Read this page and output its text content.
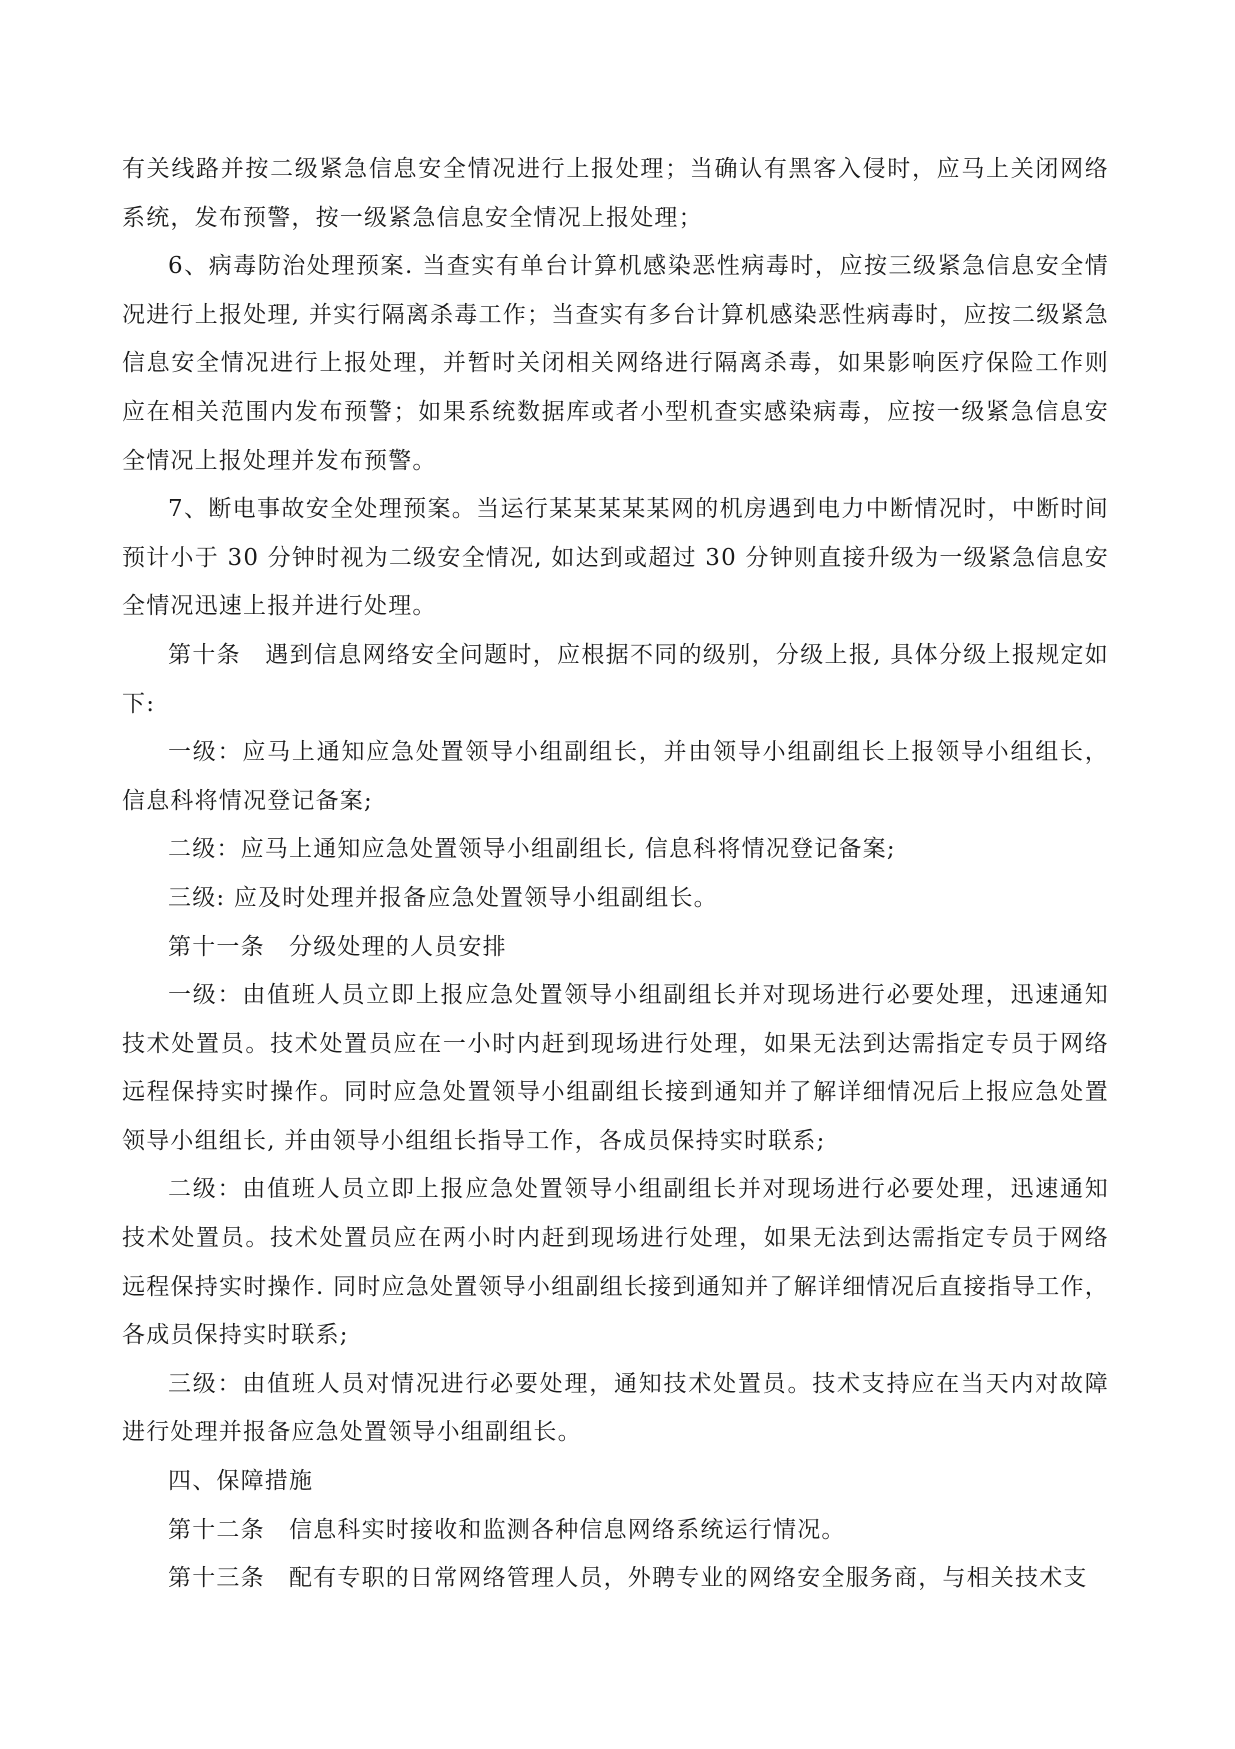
有关线路并按二级紧急信息安全情况进行上报处理；当确认有黑客入侵时，应马上关闭网络系统，发布预警，按一级紧急信息安全情况上报处理；

6、病毒防治处理预案. 当查实有单台计算机感染恶性病毒时，应按三级紧急信息安全情况进行上报处理, 并实行隔离杀毒工作；当查实有多台计算机感染恶性病毒时，应按二级紧急信息安全情况进行上报处理，并暂时关闭相关网络进行隔离杀毒，如果影响医疗保险工作则应在相关范围内发布预警；如果系统数据库或者小型机查实感染病毒，应按一级紧急信息安全情况上报处理并发布预警。

7、断电事故安全处理预案。当运行某某某某某网的机房遇到电力中断情况时，中断时间预计小于 30 分钟时视为二级安全情况, 如达到或超过 30 分钟则直接升级为一级紧急信息安全情况迅速上报并进行处理。

第十条　遇到信息网络安全问题时，应根据不同的级别，分级上报, 具体分级上报规定如下:

一级：应马上通知应急处置领导小组副组长，并由领导小组副组长上报领导小组组长，信息科将情况登记备案;

二级：应马上通知应急处置领导小组副组长, 信息科将情况登记备案;

三级: 应及时处理并报备应急处置领导小组副组长。

第十一条　分级处理的人员安排

一级：由值班人员立即上报应急处置领导小组副组长并对现场进行必要处理，迅速通知技术处置员。技术处置员应在一小时内赶到现场进行处理，如果无法到达需指定专员于网络远程保持实时操作。同时应急处置领导小组副组长接到通知并了解详细情况后上报应急处置领导小组组长, 并由领导小组组长指导工作，各成员保持实时联系;

二级：由值班人员立即上报应急处置领导小组副组长并对现场进行必要处理，迅速通知技术处置员。技术处置员应在两小时内赶到现场进行处理，如果无法到达需指定专员于网络远程保持实时操作. 同时应急处置领导小组副组长接到通知并了解详细情况后直接指导工作，各成员保持实时联系;

三级：由值班人员对情况进行必要处理，通知技术处置员。技术支持应在当天内对故障进行处理并报备应急处置领导小组副组长。

四、保障措施

第十二条　信息科实时接收和监测各种信息网络系统运行情况。

第十三条　配有专职的日常网络管理人员，外聘专业的网络安全服务商，与相关技术支
